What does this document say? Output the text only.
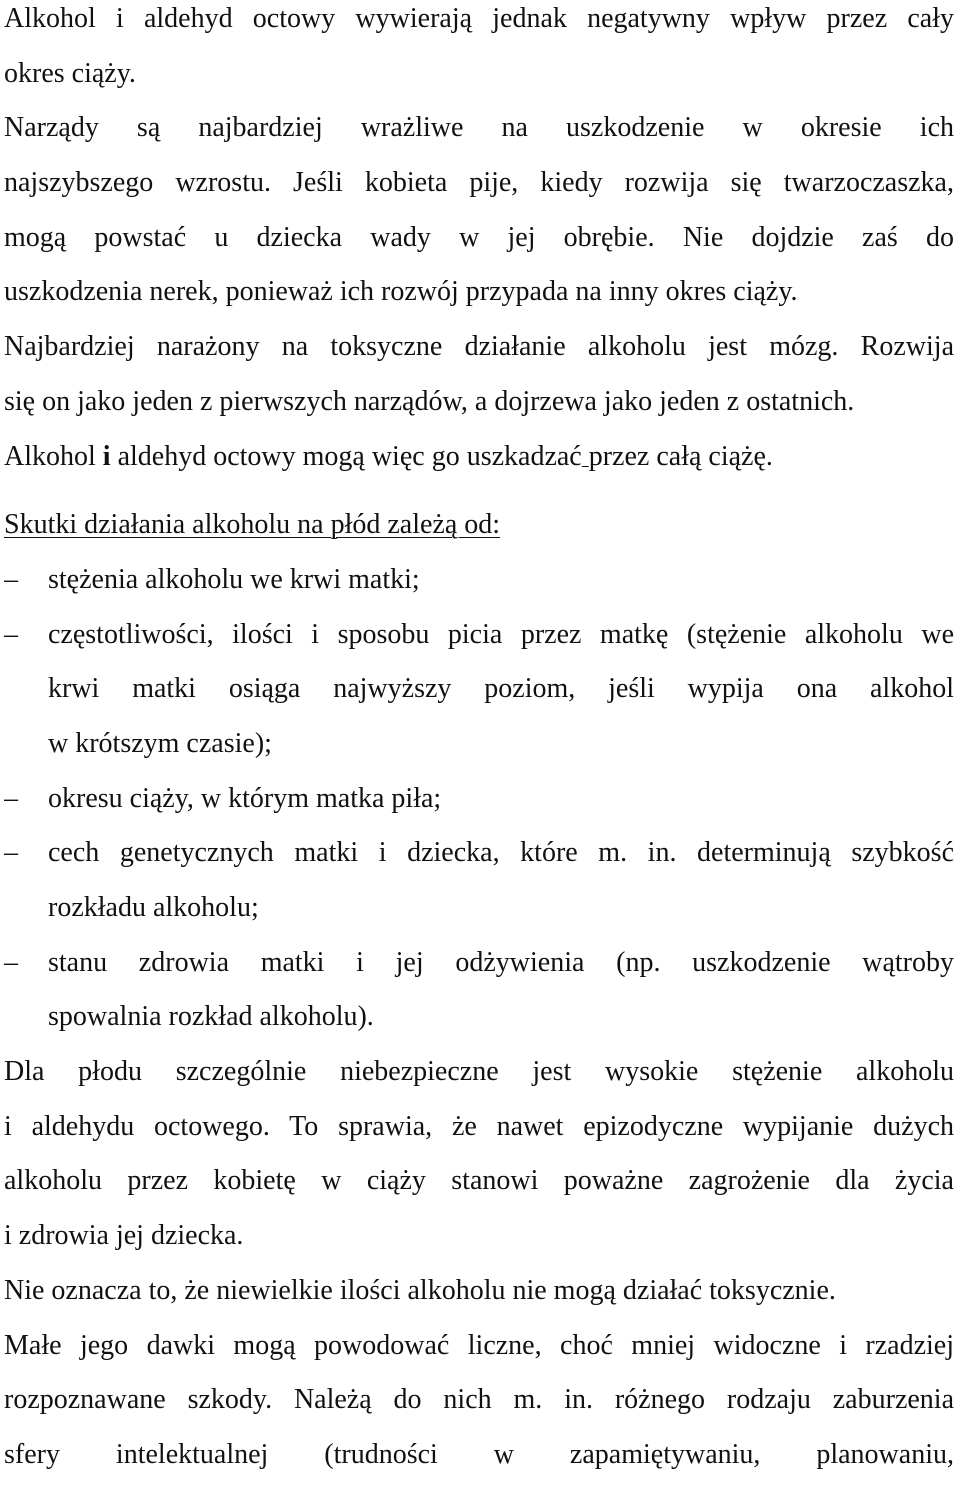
Alkohol i aldehyd octowy wywierają jednak negatywny wpływ przez cały
okres ciąży.
Narządy są najbardziej wrażliwe na uszkodzenie w okresie ich
najszybszego wzrostu. Jeśli kobieta pije, kiedy rozwija się twarzoczaszka,
mogą powstać u dziecka wady w jej obrębie. Nie dojdzie zaś do
uszkodzenia nerek, ponieważ ich rozwój przypada na inny okres ciąży.
Najbardziej narażony na toksyczne działanie alkoholu jest mózg. Rozwija
się on jako jeden z pierwszych narządów, a dojrzewa jako jeden z ostatnich.
Alkohol i aldehyd octowy mogą więc go uszkadzać przez całą ciążę.
Skutki działania alkoholu na płód zależą od:
– stężenia alkoholu we krwi matki;
– częstotliwości, ilości i sposobu picia przez matkę (stężenie alkoholu we
krwi matki osiąga najwyższy poziom, jeśli wypija ona alkohol
w krótszym czasie);
– okresu ciąży, w którym matka piła;
– cech genetycznych matki i dziecka, które m. in. determinują szybkość
rozkładu alkoholu;
– stanu zdrowia matki i jej odżywienia (np. uszkodzenie wątroby
spowalnia rozkład alkoholu).
Dla płodu szczególnie niebezpieczne jest wysokie stężenie alkoholu
i aldehydu octowego. To sprawia, że nawet epizodyczne wypijanie dużych
alkoholu przez kobietę w ciąży stanowi poważne zagrożenie dla życia
i zdrowia jej dziecka.
Nie oznacza to, że niewielkie ilości alkoholu nie mogą działać toksycznie.
Małe jego dawki mogą powodować liczne, choć mniej widoczne i rzadziej
rozpoznawane szkody. Należą do nich m. in. różnego rodzaju zaburzenia
sfery intelektualnej (trudności w zapamiętywaniu, planowaniu,
